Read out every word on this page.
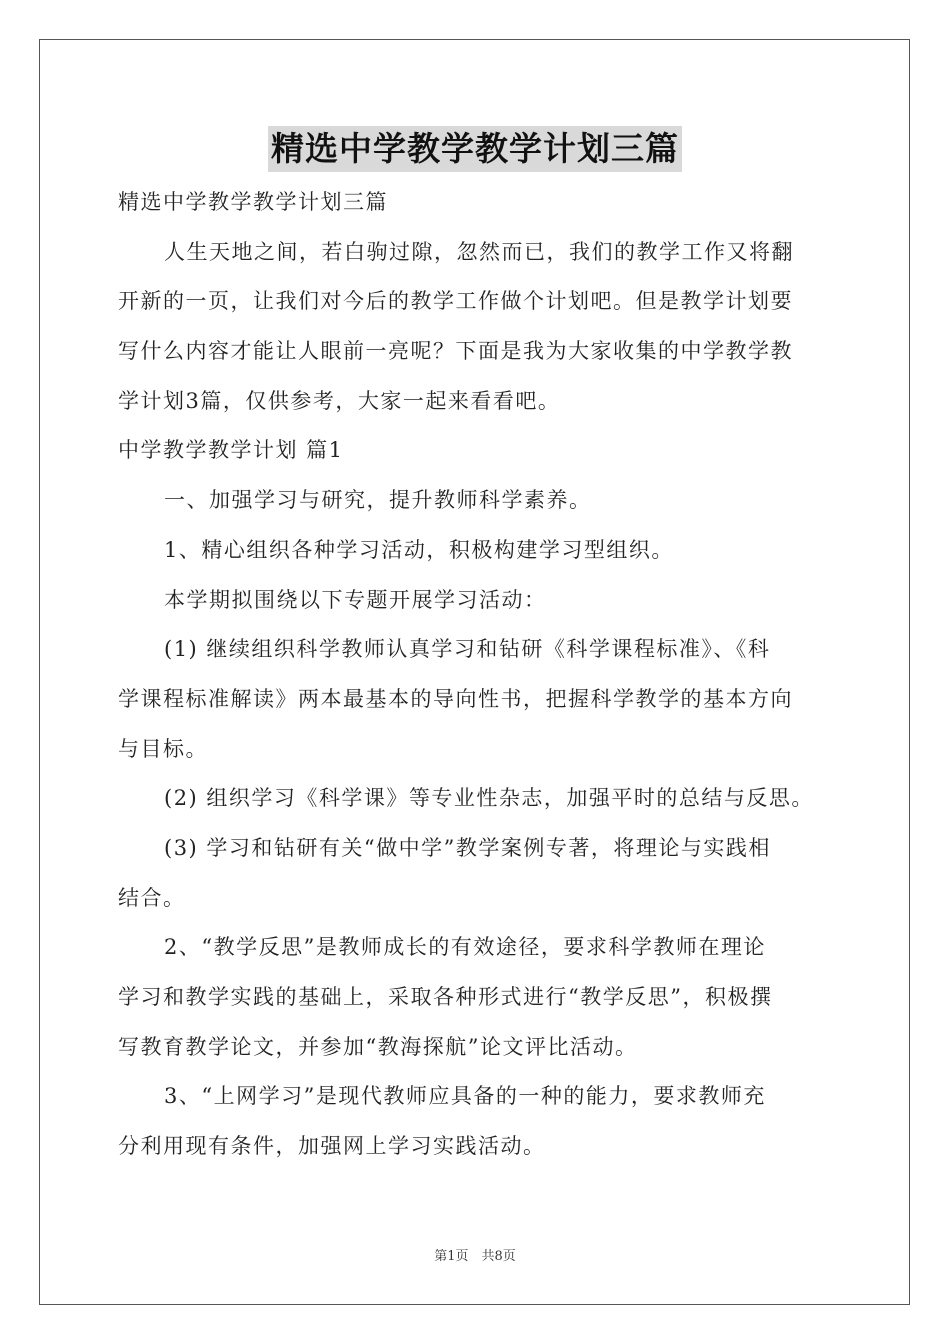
精选中学教学教学计划三篇
精选中学教学教学计划三篇
人生天地之间，若白驹过隙，忽然而已，我们的教学工作又将翻
开新的一页，让我们对今后的教学工作做个计划吧。但是教学计划要
写什么内容才能让人眼前一亮呢？下面是我为大家收集的中学教学教
学计划3篇，仅供参考，大家一起来看看吧。
中学教学教学计划 篇1
一、加强学习与研究，提升教师科学素养。
1、精心组织各种学习活动，积极构建学习型组织。
本学期拟围绕以下专题开展学习活动：
(1) 继续组织科学教师认真学习和钻研《科学课程标准》、《科
学课程标准解读》两本最基本的导向性书，把握科学教学的基本方向
与目标。
(2) 组织学习《科学课》等专业性杂志，加强平时的总结与反思。
(3) 学习和钻研有关“做中学”教学案例专著，将理论与实践相
结合。
2、“教学反思”是教师成长的有效途径，要求科学教师在理论
学习和教学实践的基础上，采取各种形式进行“教学反思”，积极撰
写教育教学论文，并参加“教海探航”论文评比活动。
3、“上网学习”是现代教师应具备的一种的能力，要求教师充
分利用现有条件，加强网上学习实践活动。
第1页　共8页
